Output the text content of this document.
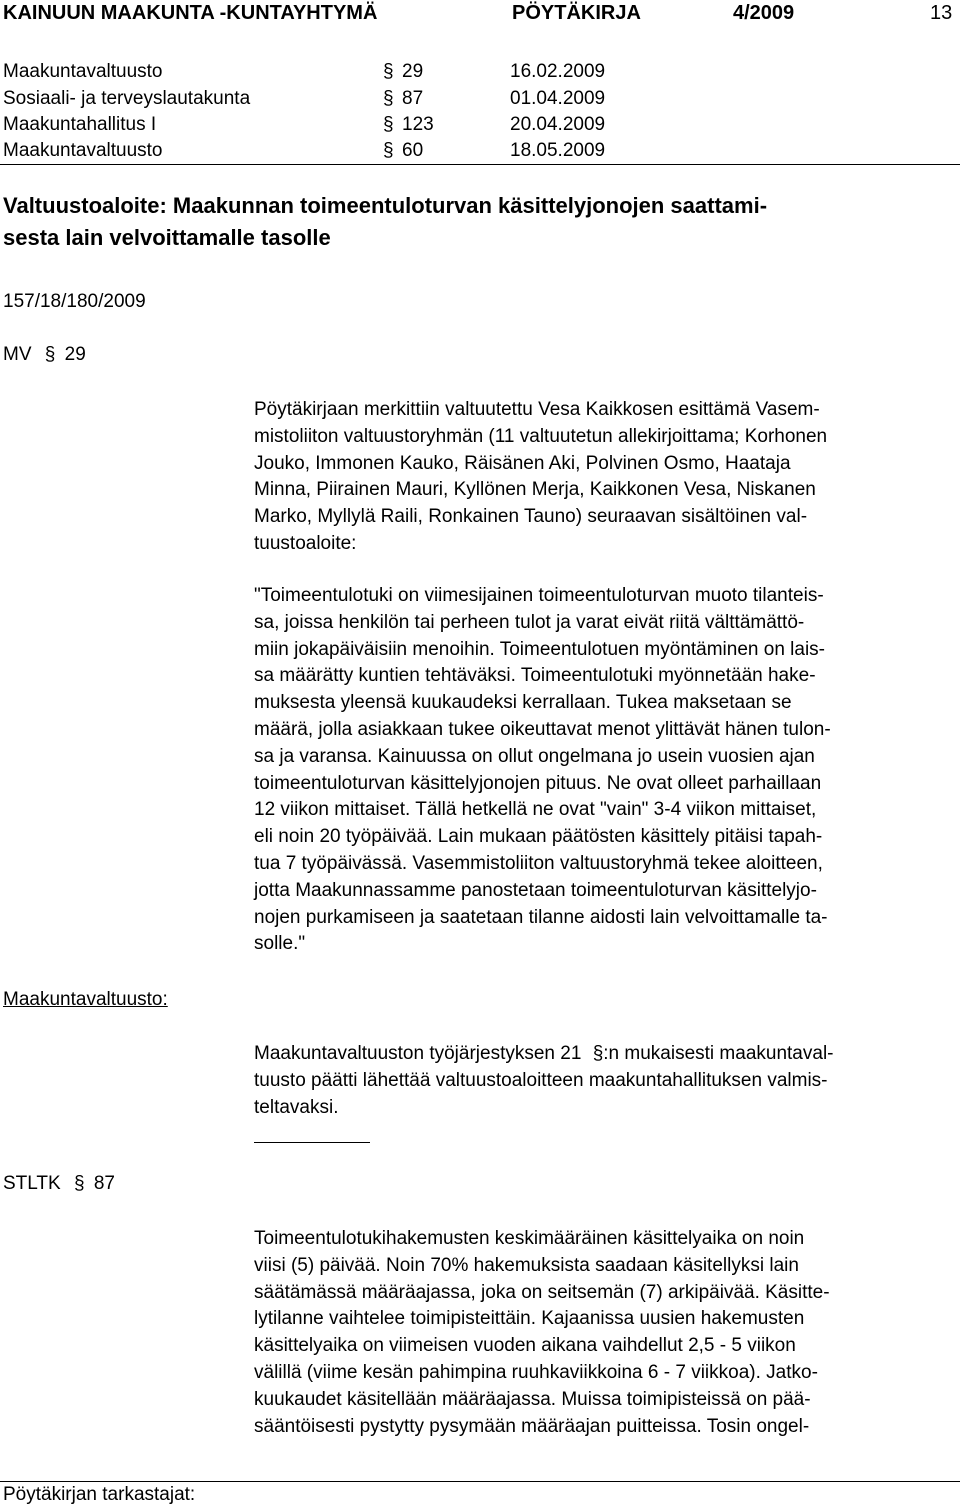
KAINUUN MAAKUNTA -KUNTAYHTYMÄ	PÖYTÄKIRJA	4/2009	13
Maakuntavaltuusto	§ 29	16.02.2009
Sosiaali- ja terveyslautakunta	§ 87	01.04.2009
Maakuntahallitus I	§ 123	20.04.2009
Maakuntavaltuusto	§ 60	18.05.2009
Valtuustoaloite: Maakunnan toimeentuloturvan käsittelyjonojen saattami-
sesta lain velvoittamalle tasolle
157/18/180/2009
MV § 29
Pöytäkirjaan merkittiin valtuutettu Vesa Kaikkosen esittämä Vasem-
mistoliiton valtuustoryhmän (11 valtuutetun allekirjoittama; Korhonen
Jouko, Immonen Kauko, Räisänen Aki, Polvinen Osmo, Haataja
Minna, Piirainen Mauri, Kyllönen Merja, Kaikkonen Vesa, Niskanen
Marko, Myllylä Raili, Ronkainen Tauno) seuraavan sisältöinen val-
tuustoaloite:
"Toimeentulotuki on viimesijainen toimeentuloturvan muoto tilanteis-
sa, joissa henkilön tai perheen tulot ja varat eivät riitä välttämättö-
miin jokapäiväisiin menoihin. Toimeentulotuen myöntäminen on lais-
sa määrätty kuntien tehtäväksi. Toimeentulotuki myönnetään hake-
muksesta yleensä kuukaudeksi kerrallaan. Tukea maksetaan se
määrä, jolla asiakkaan tukee oikeuttavat menot ylittävät hänen tulon-
sa ja varansa. Kainuussa on ollut ongelmana jo usein vuosien ajan
toimeentuloturvan käsittelyjonojen pituus. Ne ovat olleet parhaillaan
12 viikon mittaiset. Tällä hetkellä ne ovat "vain" 3-4 viikon mittaiset,
eli noin 20 työpäivää. Lain mukaan päätösten käsittely pitäisi tapah-
tua 7 työpäivässä. Vasemmistoliiton valtuustoryhmä tekee aloitteen,
jotta Maakunnassamme panostetaan toimeentuloturvan käsittelyjo-
nojen purkamiseen ja saatetaan tilanne aidosti lain velvoittamalle ta-
solle."
Maakuntavaltuusto:
Maakuntavaltuuston työjärjestyksen 21 §:n mukaisesti maakuntaval-
tuusto päätti lähettää valtuustoaloitteen maakuntahallituksen valmis-
teltavaksi.
STLTK § 87
Toimeentulotukihakemusten keskimääräinen käsittelyaika on noin
viisi (5) päivää. Noin 70% hakemuksista saadaan käsitellyksi lain
säätämässä määräajassa, joka on seitsemän (7) arkipäivää. Käsitte-
lytilanne vaihtelee toimipisteittäin. Kajaanissa uusien hakemusten
käsittelyaika on viimeisen vuoden aikana vaihdellut 2,5 - 5 viikon
välillä (viime kesän pahimpina ruuhkaviikkoina 6 - 7 viikkoa). Jatko-
kuukaudet käsitellään määräajassa. Muissa toimipisteissä on pää-
sääntöisesti pystytty pysymään määräajan puitteissa. Tosin ongel-
Pöytäkirjan tarkastajat:
